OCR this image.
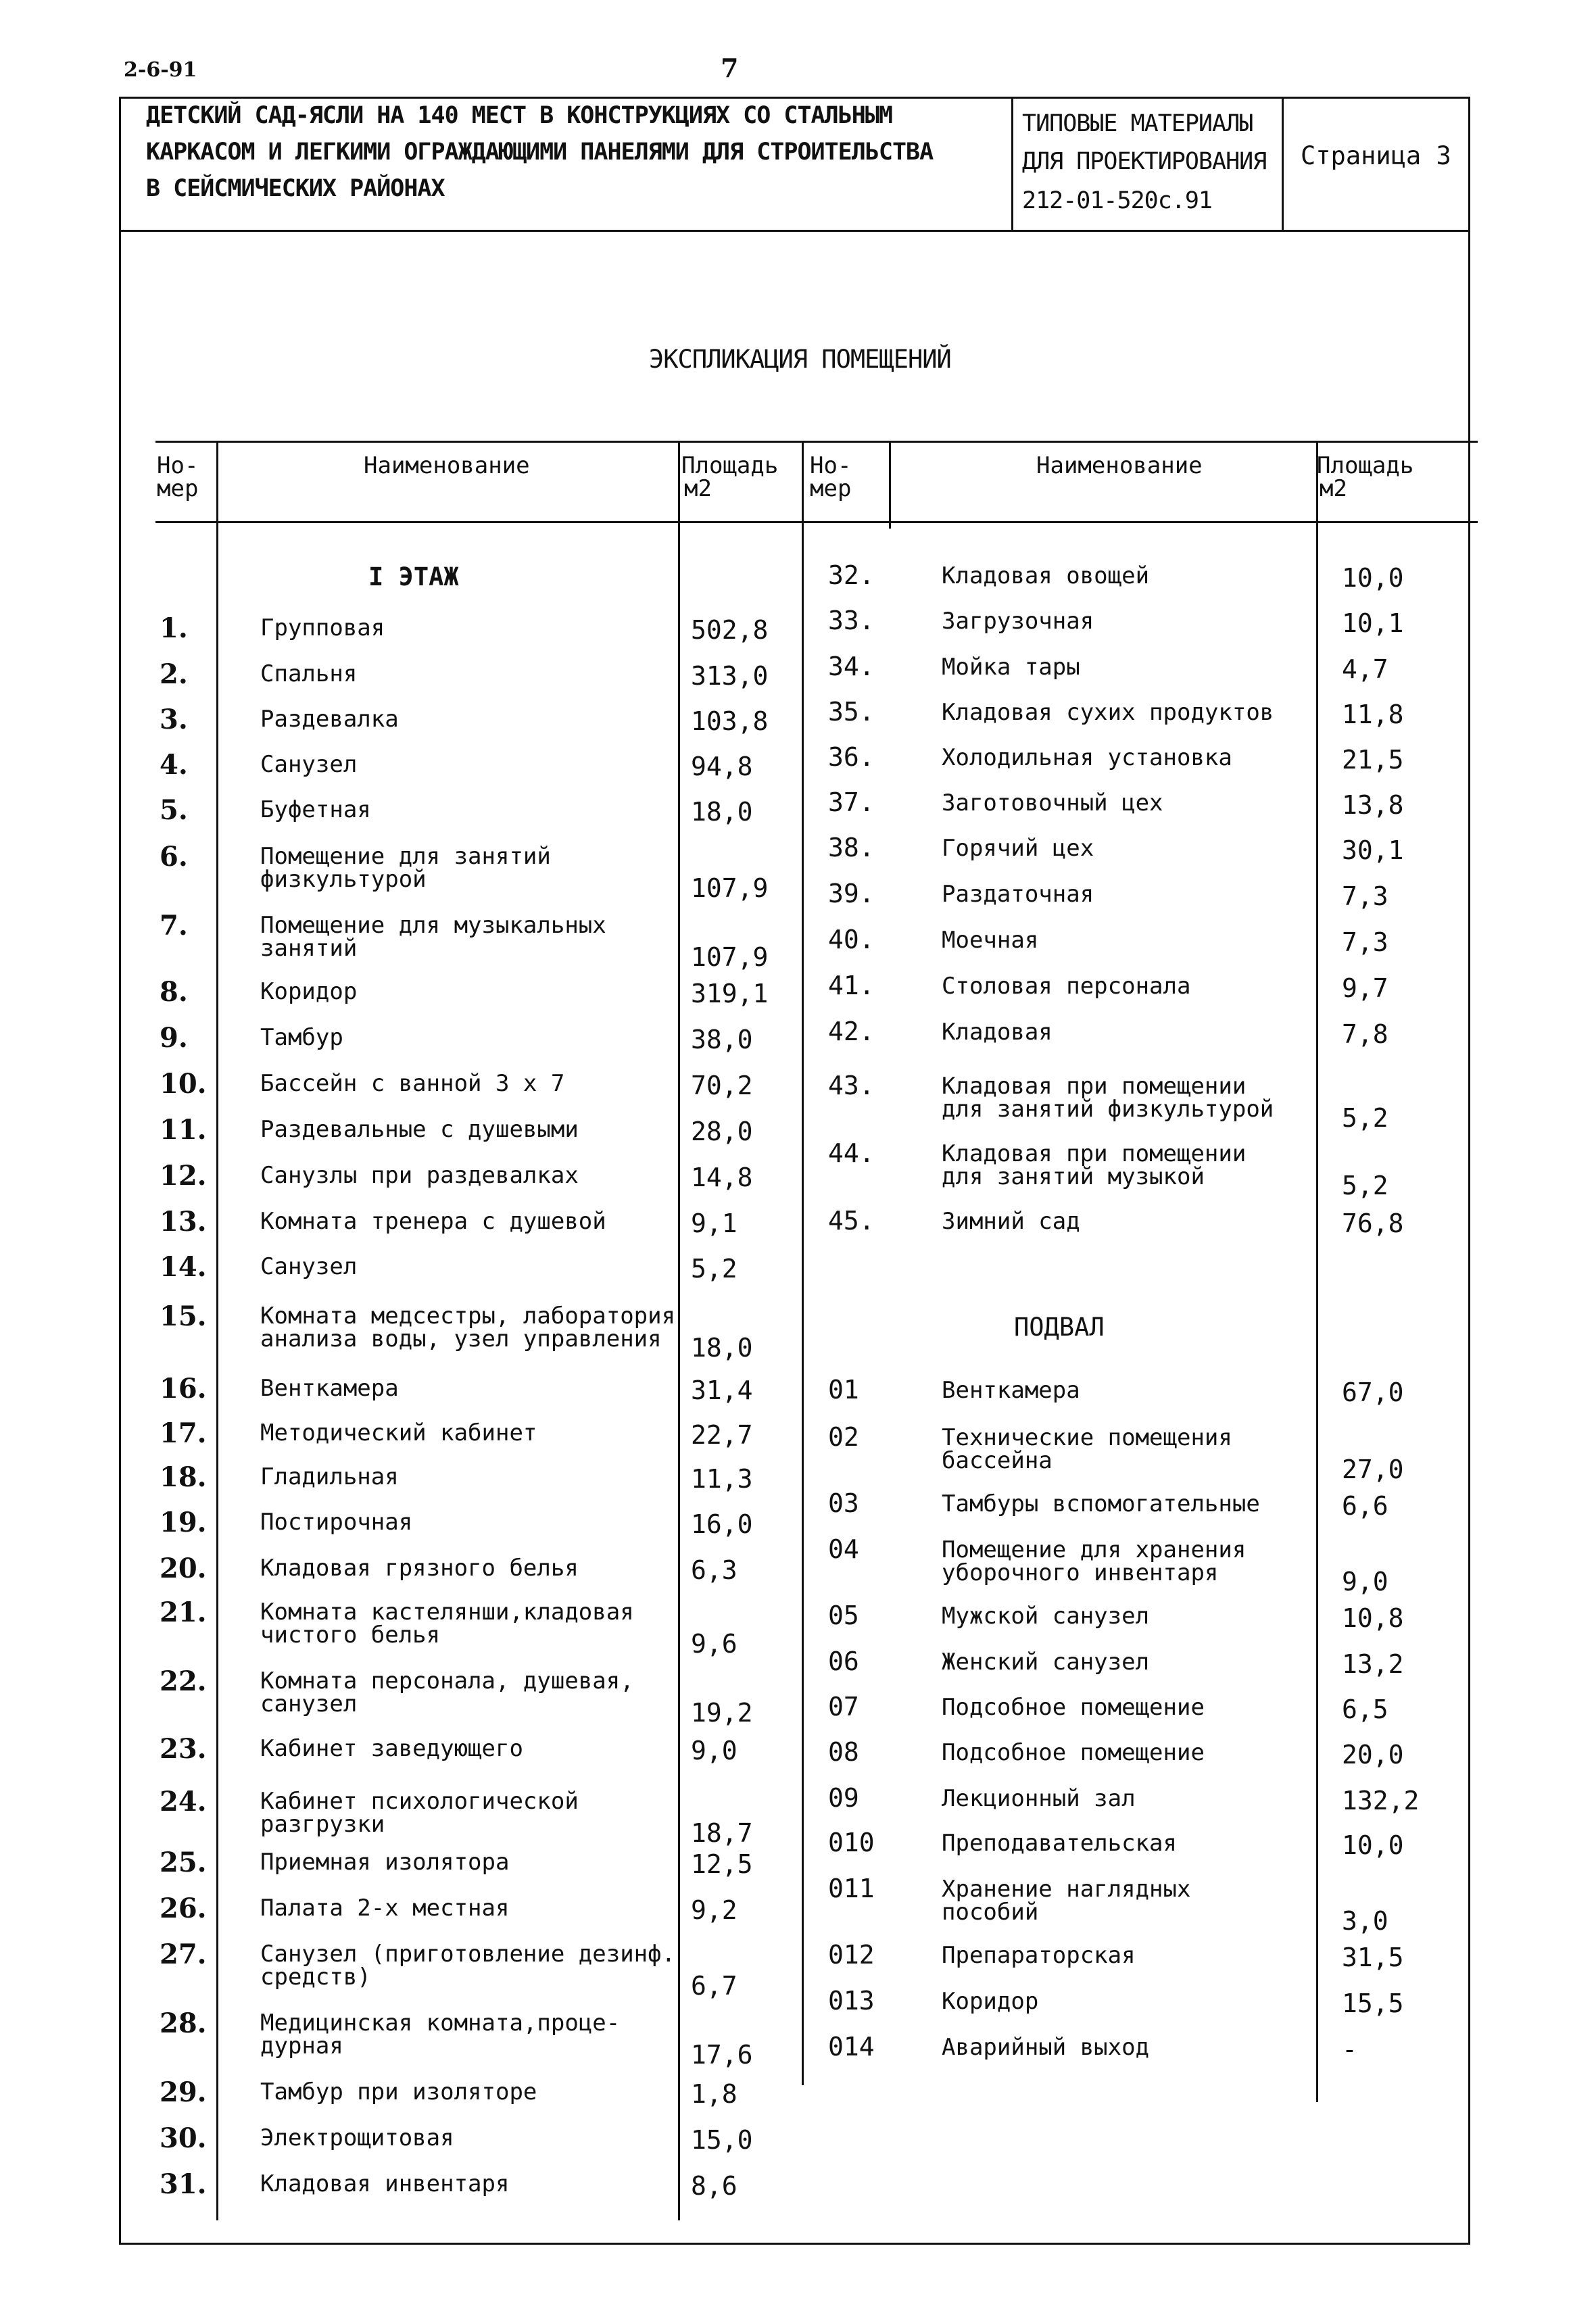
2-6-91	7
ДЕТСКИЙ САД-ЯСЛИ НА 140 МЕСТ В КОНСТРУКЦИЯХ СО СТАЛЬНЫМ
КАРКАСОМ И ЛЕГКИМИ ОГРАЖДАЮЩИМИ ПАНЕЛЯМИ ДЛЯ СТРОИТЕЛЬСТВА
В СЕЙСМИЧЕСКИХ РАЙОНАХ
ТИПОВЫЕ МАТЕРИАЛЫ
ДЛЯ ПРОЕКТИРОВАНИЯ
212-01-520с.91
Страница 3
ЭКСПЛИКАЦИЯ ПОМЕЩЕНИЙ
Но-
мер
Наименование	Площадь
м2
Но-
мер
Наименование	Площадь
м2
I ЭТАЖ
ПОДВАЛ
1.	Групповая	502,8
2.	Спальня	313,0
3.	Раздевалка	103,8
4.	Санузел	94,8
5.	Буфетная	18,0
6.	Помещение для занятий
физкультурой	107,9
7.	Помещение для музыкальных
занятий	107,9
8.	Коридор	319,1
9.	Тамбур	38,0
10. Бассейн с ванной 3 х 7	70,2
11. Раздевальные с душевыми	28,0
12. Санузлы при раздевалках	14,8
13. Комната тренера с душевой	9,1
14. Санузел	5,2
15. Комната медсестры, лаборатория
анализа воды, узел управления 18,0
16. Венткамера	31,4
17. Методический кабинет	22,7
18. Гладильная	11,3
19. Постирочная	16,0
20. Кладовая грязного белья	6,3
21. Комната кастелянши,кладовая
чистого белья	9,6
22. Комната персонала, душевая,
санузел	19,2
23. Кабинет заведующего	9,0
24. Кабинет психологической
разгрузки	18,7
25. Приемная изолятора	12,5
26. Палата 2-х местная	9,2
27. Санузел (приготовление дезинф.
средств)	6,7
28. Медицинская комната,проце-
дурная	17,6
29. Тамбур при изоляторе	1,8
30. Электрощитовая	15,0
31. Кладовая инвентаря	8,6
32.	Кладовая овощей	10,0
33.	Загрузочная	10,1
34.	Мойка тары	4,7
35.	Кладовая сухих продуктов	11,8
36.	Холодильная установка	21,5
37.	Заготовочный цех	13,8
38.	Горячий цех	30,1
39.	Раздаточная	7,3
40.	Моечная	7,3
41.	Столовая персонала	9,7
42.	Кладовая	7,8
43.	Кладовая при помещении
для занятий физкультурой	5,2
44.	Кладовая при помещении
для занятий музыкой	5,2
45.	Зимний сад	76,8
01	Венткамера	67,0
02	Технические помещения
бассейна	27,0
03	Тамбуры вспомогательные	6,6
04	Помещение для хранения
уборочного инвентаря	9,0
05	Мужской санузел	10,8
06	Женский санузел	13,2
07	Подсобное помещение	6,5
08	Подсобное помещение	20,0
09	Лекционный зал	132,2
010	Преподавательская	10,0
011	Хранение наглядных
пособий	3,0
012	Препараторская	31,5
013	Коридор	15,5
014	Аварийный выход	-
